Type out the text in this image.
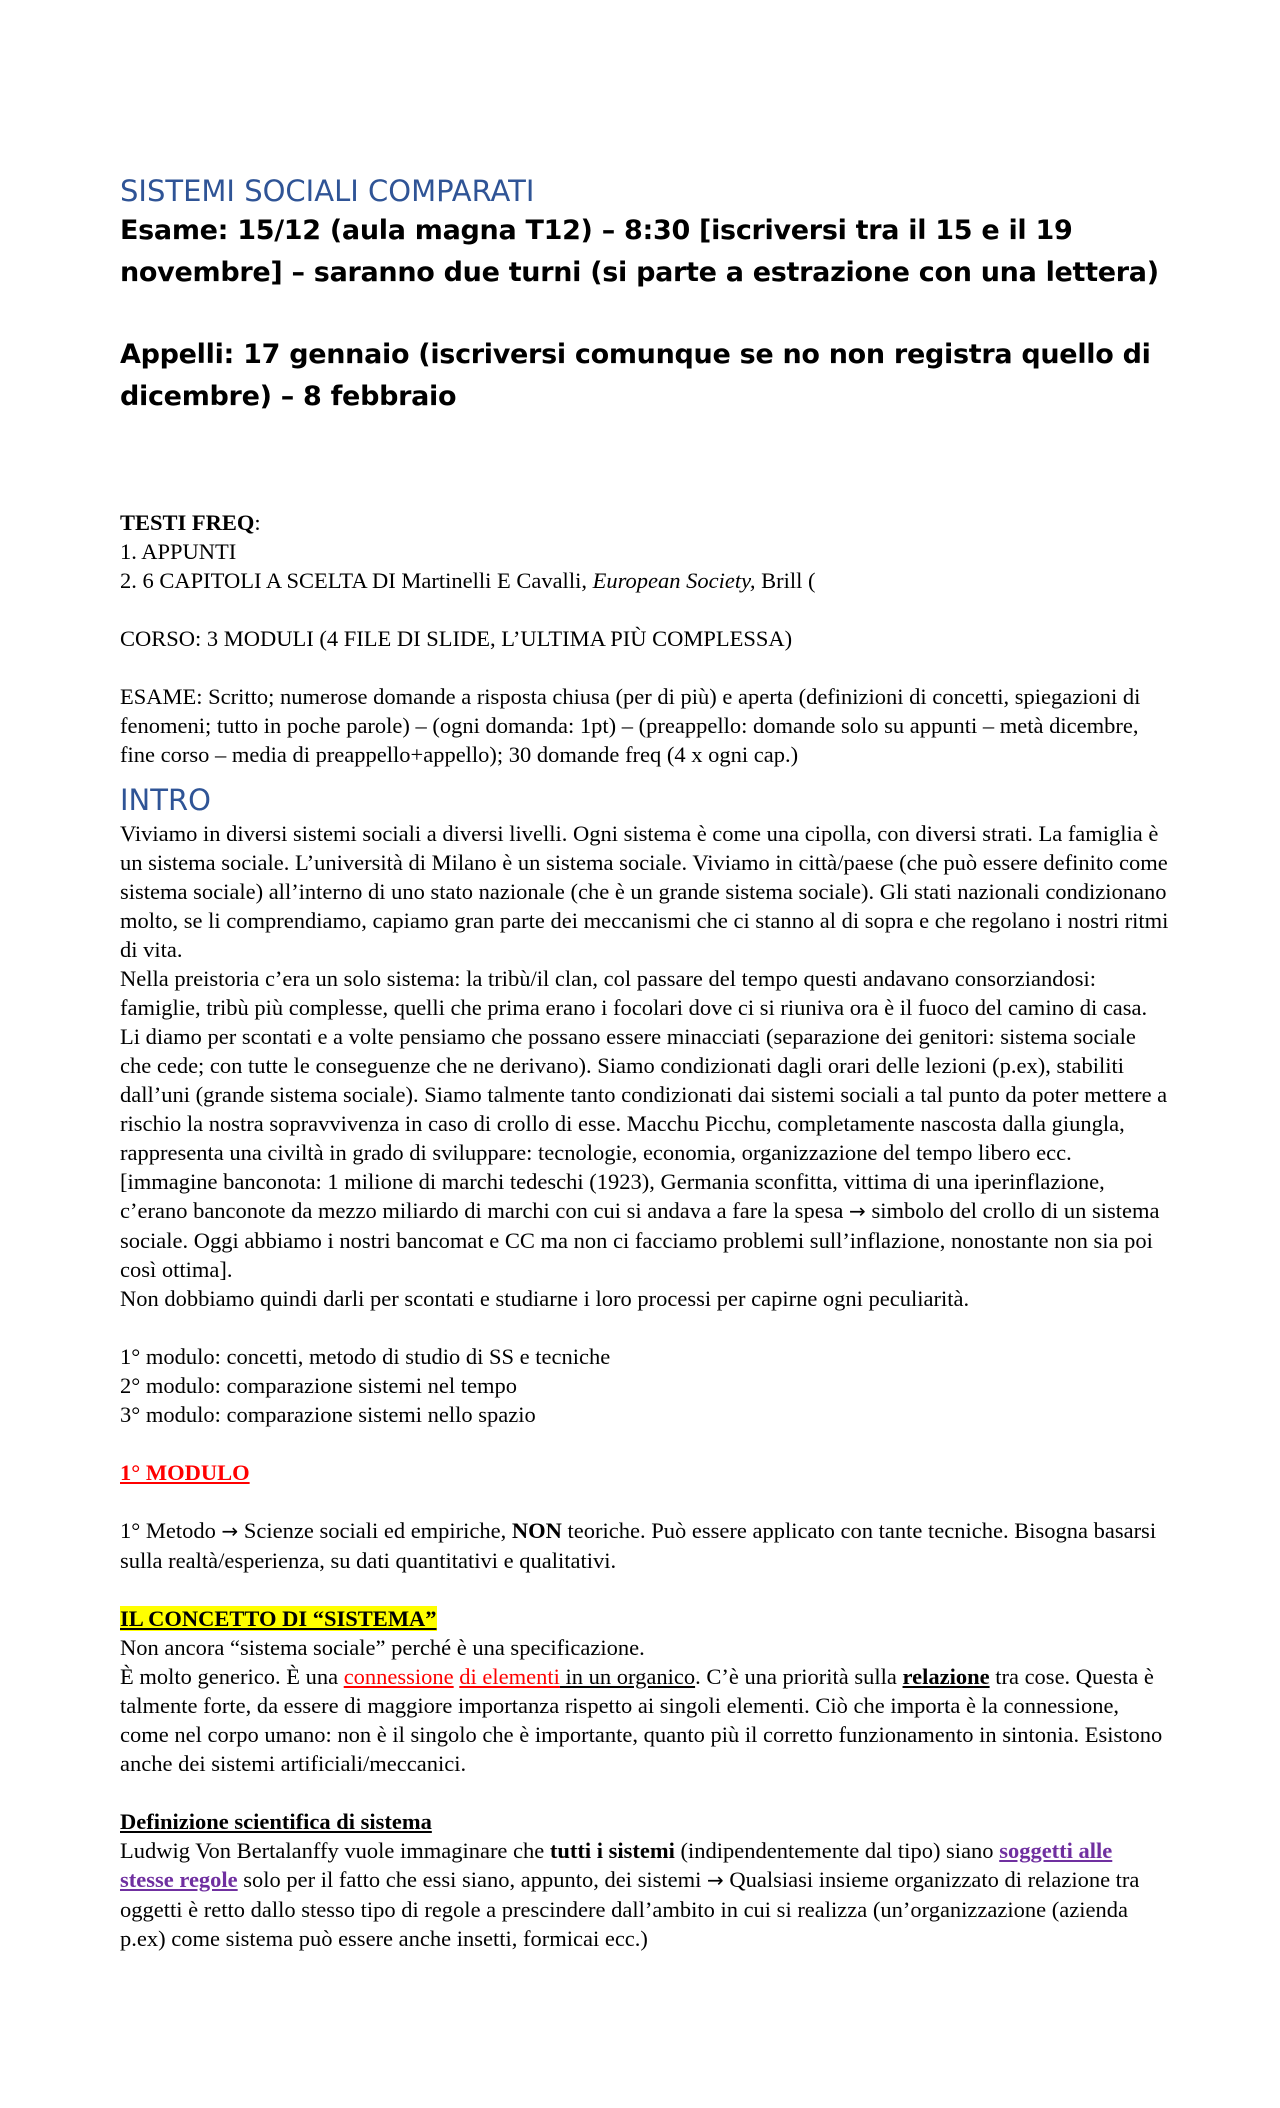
SISTEMI SOCIALI COMPARATI

Esame: 15/12 (aula magna T12) – 8:30 [iscriversi tra il 15 e il 19 novembre] – saranno due turni (si parte a estrazione con una lettera)

Appelli: 17 gennaio (iscriversi comunque se no non registra quello di dicembre) – 8 febbraio

TESTI FREQ:

1. APPUNTI

2. 6 CAPITOLI A SCELTA DI Martinelli E Cavalli, European Society, Brill (

CORSO: 3 MODULI (4 FILE DI SLIDE, L’ULTIMA PIÙ COMPLESSA)

ESAME: Scritto; numerose domande a risposta chiusa (per di più) e aperta (definizioni di concetti, spiegazioni di fenomeni; tutto in poche parole) – (ogni domanda: 1pt) – (preappello: domande solo su appunti – metà dicembre, fine corso – media di preappello+appello); 30 domande freq (4 x ogni cap.)

INTRO

Viviamo in diversi sistemi sociali a diversi livelli. Ogni sistema è come una cipolla, con diversi strati. La famiglia è un sistema sociale. L’università di Milano è un sistema sociale. Viviamo in città/paese (che può essere definito come sistema sociale) all’interno di uno stato nazionale (che è un grande sistema sociale). Gli stati nazionali condizionano molto, se li comprendiamo, capiamo gran parte dei meccanismi che ci stanno al di sopra e che regolano i nostri ritmi di vita.

Nella preistoria c’era un solo sistema: la tribù/il clan, col passare del tempo questi andavano consorziandosi: famiglie, tribù più complesse, quelli che prima erano i focolari dove ci si riuniva ora è il fuoco del camino di casa. Li diamo per scontati e a volte pensiamo che possano essere minacciati (separazione dei genitori: sistema sociale che cede; con tutte le conseguenze che ne derivano). Siamo condizionati dagli orari delle lezioni (p.ex), stabiliti dall’uni (grande sistema sociale). Siamo talmente tanto condizionati dai sistemi sociali a tal punto da poter mettere a rischio la nostra sopravvivenza in caso di crollo di esse. Macchu Picchu, completamente nascosta dalla giungla, rappresenta una civiltà in grado di sviluppare: tecnologie, economia, organizzazione del tempo libero ecc.

[immagine banconota: 1 milione di marchi tedeschi (1923), Germania sconfitta, vittima di una iperinflazione, c’erano banconote da mezzo miliardo di marchi con cui si andava a fare la spesa → simbolo del crollo di un sistema sociale. Oggi abbiamo i nostri bancomat e CC ma non ci facciamo problemi sull’inflazione, nonostante non sia poi così ottima].

Non dobbiamo quindi darli per scontati e studiarne i loro processi per capirne ogni peculiarità.

1° modulo: concetti, metodo di studio di SS e tecniche

2° modulo: comparazione sistemi nel tempo

3° modulo: comparazione sistemi nello spazio

1° MODULO

1° Metodo → Scienze sociali ed empiriche, NON teoriche. Può essere applicato con tante tecniche. Bisogna basarsi sulla realtà/esperienza, su dati quantitativi e qualitativi.

IL CONCETTO DI “SISTEMA”

Non ancora “sistema sociale” perché è una specificazione.

È molto generico. È una connessione di elementi in un organico. C’è una priorità sulla relazione tra cose. Questa è talmente forte, da essere di maggiore importanza rispetto ai singoli elementi. Ciò che importa è la connessione, come nel corpo umano: non è il singolo che è importante, quanto più il corretto funzionamento in sintonia. Esistono anche dei sistemi artificiali/meccanici.

Definizione scientifica di sistema

Ludwig Von Bertalanffy vuole immaginare che tutti i sistemi (indipendentemente dal tipo) siano soggetti alle stesse regole solo per il fatto che essi siano, appunto, dei sistemi → Qualsiasi insieme organizzato di relazione tra oggetti è retto dallo stesso tipo di regole a prescindere dall’ambito in cui si realizza (un’organizzazione (azienda p.ex) come sistema può essere anche insetti, formicai ecc.)
